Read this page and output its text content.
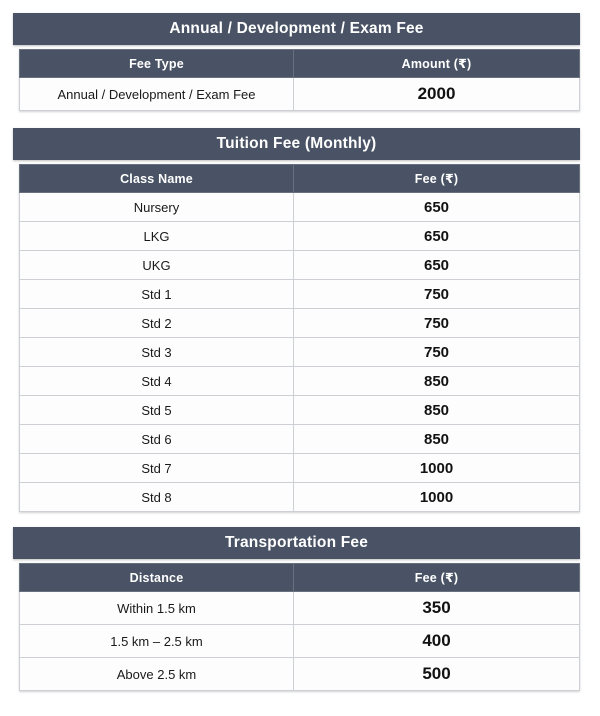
Annual / Development / Exam Fee
Fee Type	Amount (₹)
Annual / Development / Exam Fee	2000
Tuition Fee (Monthly)
Class Name	Fee (₹)
Nursery	650
LKG	650
UKG	650
Std 1	750
Std 2	750
Std 3	750
Std 4	850
Std 5	850
Std 6	850
Std 7	1000
Std 8	1000
Transportation Fee
Distance	Fee (₹)
Within 1.5 km	350
1.5 km – 2.5 km	400
Above 2.5 km	500
